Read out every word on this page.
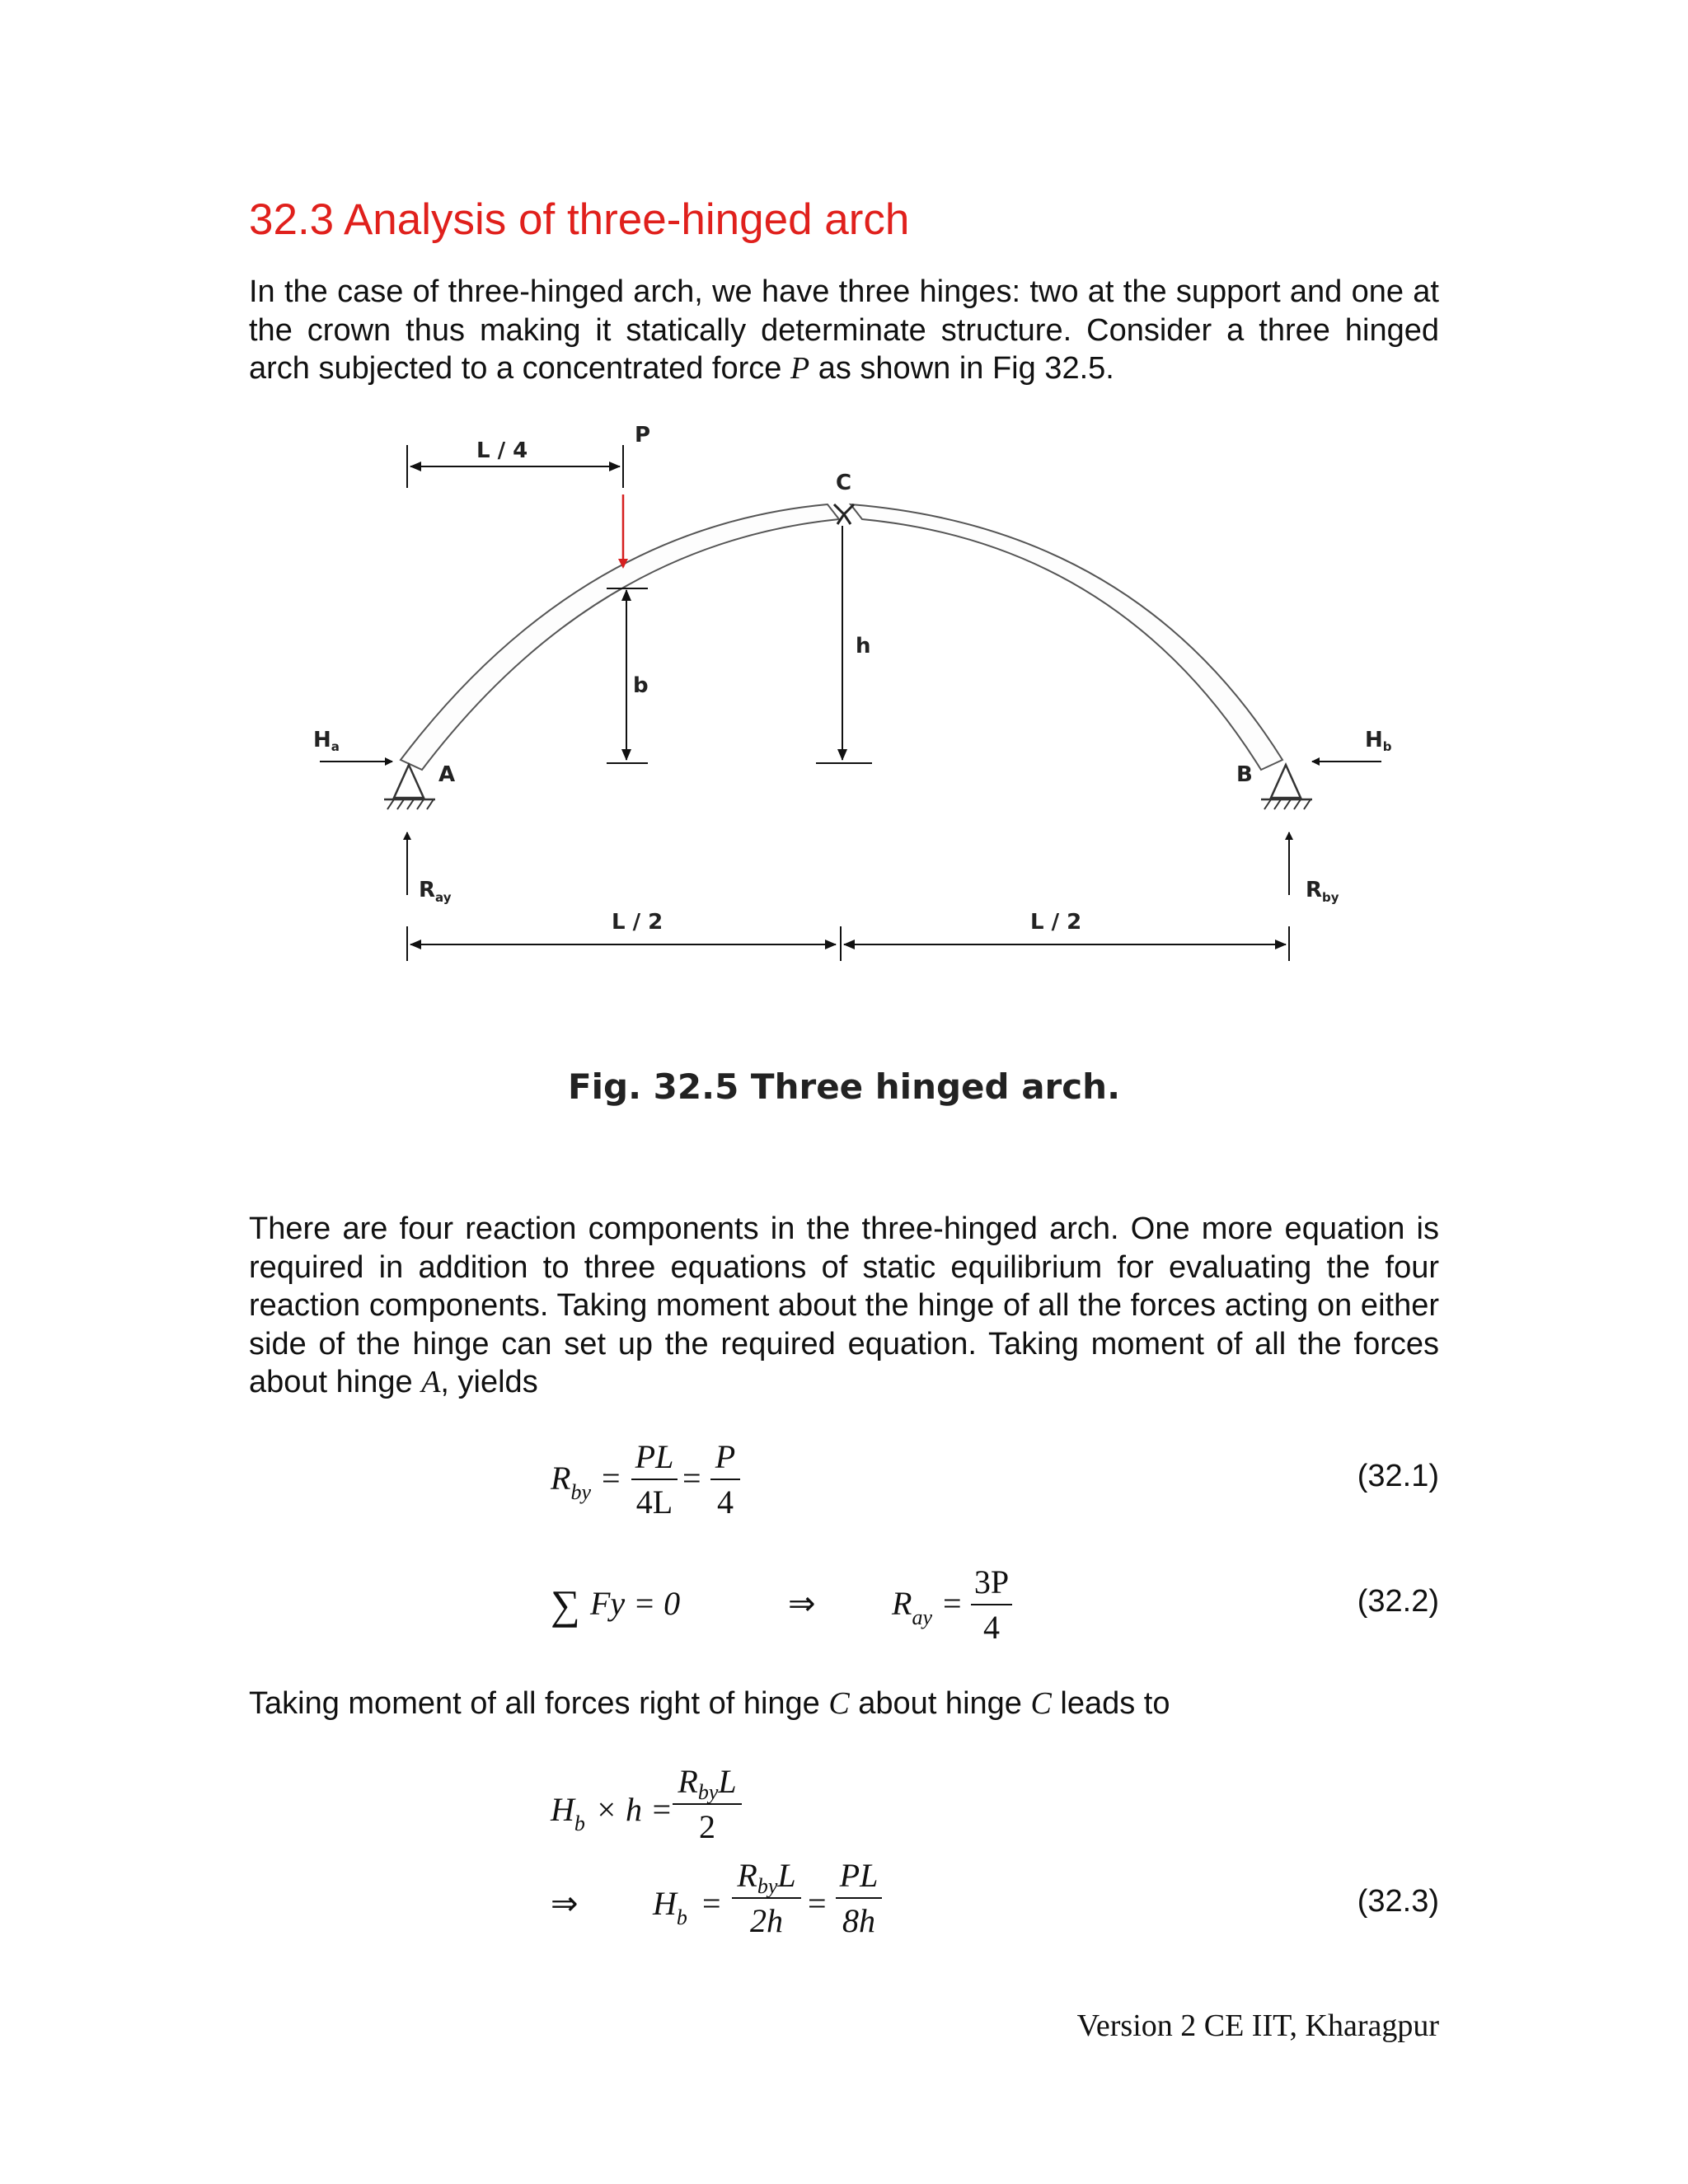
32.3 Analysis of three-hinged arch

In the case of three-hinged arch, we have three hinges: two at the support and one at the crown thus making it statically determinate structure. Consider a three hinged arch subjected to a concentrated force P as shown in Fig 32.5.

L / 4
P
b
C
h
Ha
A
Hb
B
$R_{ay}$	$R_{by}$
L / 2	L / 2
Fig. 32.5 Three hinged arch.

There are four reaction components in the three-hinged arch. One more equation is required in addition to three equations of static equilibrium for evaluating the four reaction components. Taking moment about the hinge of all the forces acting on either side of the hinge can set up the required equation. Taking moment of all the forces about hinge A, yields

$R_{by}$ =
PL
4L
=
P
4
(32.1)
∑ Fy = 0	⇒ $R_{ay}$ =
3P
4
(32.2)

Taking moment of all forces right of hinge C about hinge C leads to

$H_b \times h$ =
$R_{by}L$
2
⇒ $H_b$ =
$R_{by}L$
2h =
PL
8h
(32.3)
Version 2 CE IIT, Kharagpur
